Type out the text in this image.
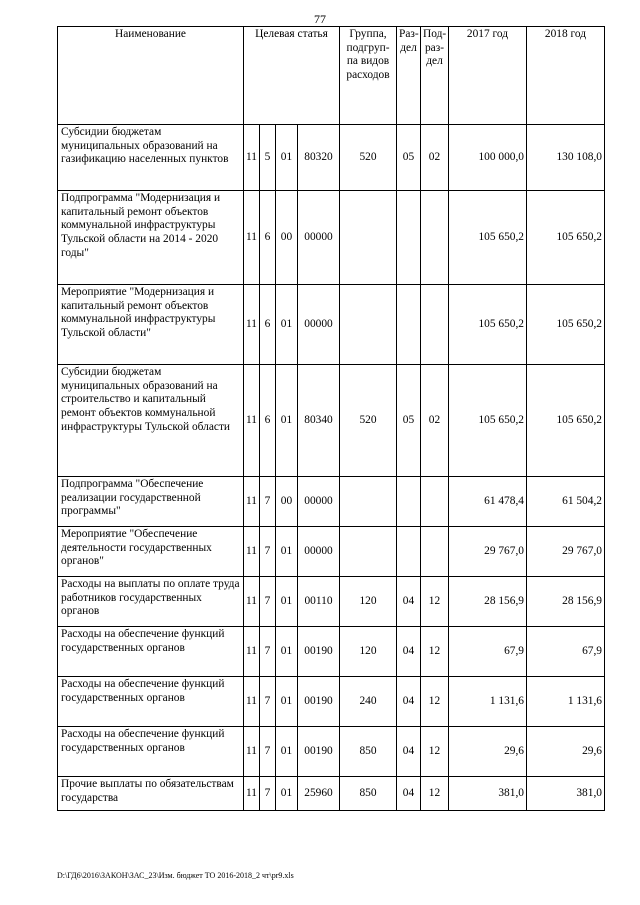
77
Наименование	Целевая статья				Группа, подгруп-па видов расходов	Раз-дел	Под-раз-дел	2017 год	2018 год
Субсидии бюджетам муниципальных образований на газификацию населенных пунктов	11	5	01	80320	520	05	02	100 000,0	130 108,0
Подпрограмма "Модернизация и капитальный ремонт объектов коммунальной инфраструктуры Тульской области на 2014 - 2020 годы"	11	6	00	00000				105 650,2	105 650,2
Мероприятие "Модернизация и капитальный ремонт объектов коммунальной инфраструктуры Тульской области"	11	6	01	00000				105 650,2	105 650,2
Субсидии бюджетам муниципальных образований на строительство и капитальный ремонт объектов коммунальной инфраструктуры Тульской области	11	6	01	80340	520	05	02	105 650,2	105 650,2
Подпрограмма "Обеспечение реализации государственной программы"	11	7	00	00000				61 478,4	61 504,2
Мероприятие "Обеспечение деятельности государственных органов"	11	7	01	00000				29 767,0	29 767,0
Расходы на выплаты по оплате труда работников государственных органов	11	7	01	00110	120	04	12	28 156,9	28 156,9
Расходы на обеспечение функций государственных органов	11	7	01	00190	120	04	12	67,9	67,9
Расходы на обеспечение функций государственных органов	11	7	01	00190	240	04	12	1 131,6	1 131,6
Расходы на обеспечение функций государственных органов	11	7	01	00190	850	04	12	29,6	29,6
Прочие выплаты по обязательствам государства	11	7	01	25960	850	04	12	381,0	381,0
D:\ГД6\2016\ЗАКОН\ЗАС_23\Изм. бюджет ТО 2016-2018_2 чт\pr9.xls
